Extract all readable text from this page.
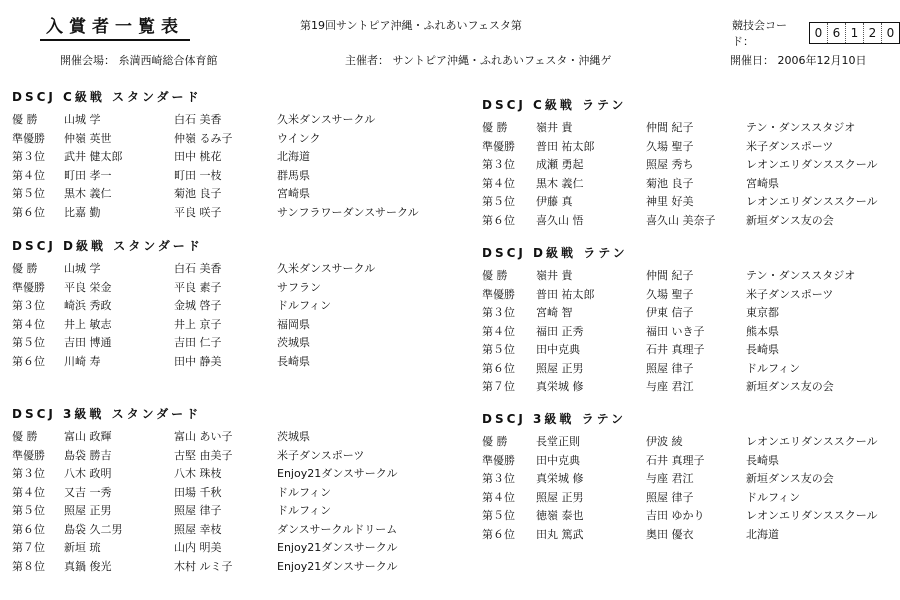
入賞者一覧表	第19回サントピア沖縄・ふれあいフェスタ第	競技会コード：
0 6 1 2 0
開催会場： 糸満西崎総合体育館	主催者： サントピア沖縄・ふれあいフェスタ・沖縄ゲ	開催日： 2006年12月10日
DSCJ C級戦 スタンダード
優 勝	山城 学	白石 美香	久米ダンスサークル
準優勝	仲嶺 英世	仲嶺 るみ子	ウインク
第３位	武井 健太郎	田中 桃花	北海道
第４位	町田 孝一	町田 一枝	群馬県
第５位	黒木 義仁	菊池 良子	宮崎県
第６位	比嘉 勤	平良 咲子	サンフラワーダンスサークル
DSCJ C級戦 ラテン
優 勝	嶺井 貴	仲間 紀子	テン・ダンススタジオ
準優勝	普田 祐太郎	久場 聖子	米子ダンスポーツ
第３位	成瀬 勇起	照屋 秀ち	レオンエリダンススクール
第４位	黒木 義仁	菊池 良子	宮崎県
第５位	伊藤 真	神里 好美	レオンエリダンススクール
第６位	喜久山 悟	喜久山 美奈子	新垣ダンス友の会
DSCJ D級戦 スタンダード
優 勝	山城 学	白石 美香	久米ダンスサークル
準優勝	平良 栄金	平良 素子	サフラン
第３位	崎浜 秀政	金城 啓子	ドルフィン
第４位	井上 敏志	井上 京子	福岡県
第５位	吉田 博通	吉田 仁子	茨城県
第６位	川崎 寿	田中 静美	長崎県
DSCJ D級戦 ラテン
優 勝	嶺井 貴	仲間 紀子	テン・ダンススタジオ
準優勝	普田 祐太郎	久場 聖子	米子ダンスポーツ
第３位	宮崎 智	伊東 信子	東京都
第４位	福田 正秀	福田 いき子	熊本県
第５位	田中克典	石井 真理子	長崎県
第６位	照屋 正男	照屋 律子	ドルフィン
第７位	真栄城 修	与座 君江	新垣ダンス友の会
DSCJ 3級戦 スタンダード
優 勝	富山 政輝	富山 あい子	茨城県
準優勝	島袋 勝吉	古堅 由美子	米子ダンスポーツ
第３位	八木 政明	八木 珠枝	Enjoy21ダンスサークル
第４位	又吉 一秀	田場 千秋	ドルフィン
第５位	照屋 正男	照屋 律子	ドルフィン
第６位	島袋 久二男	照屋 幸枝	ダンスサークルドリーム
第７位	新垣 琉	山内 明美	Enjoy21ダンスサークル
第８位	真鍋 俊光	木村 ルミ子	Enjoy21ダンスサークル
DSCJ 3級戦 ラテン
優 勝	長堂正則	伊波 綾	レオンエリダンススクール
準優勝	田中克典	石井 真理子	長崎県
第３位	真栄城 修	与座 君江	新垣ダンス友の会
第４位	照屋 正男	照屋 律子	ドルフィン
第５位	徳嶺 泰也	吉田 ゆかり	レオンエリダンススクール
第６位	田丸 篤武	奥田 優衣	北海道
